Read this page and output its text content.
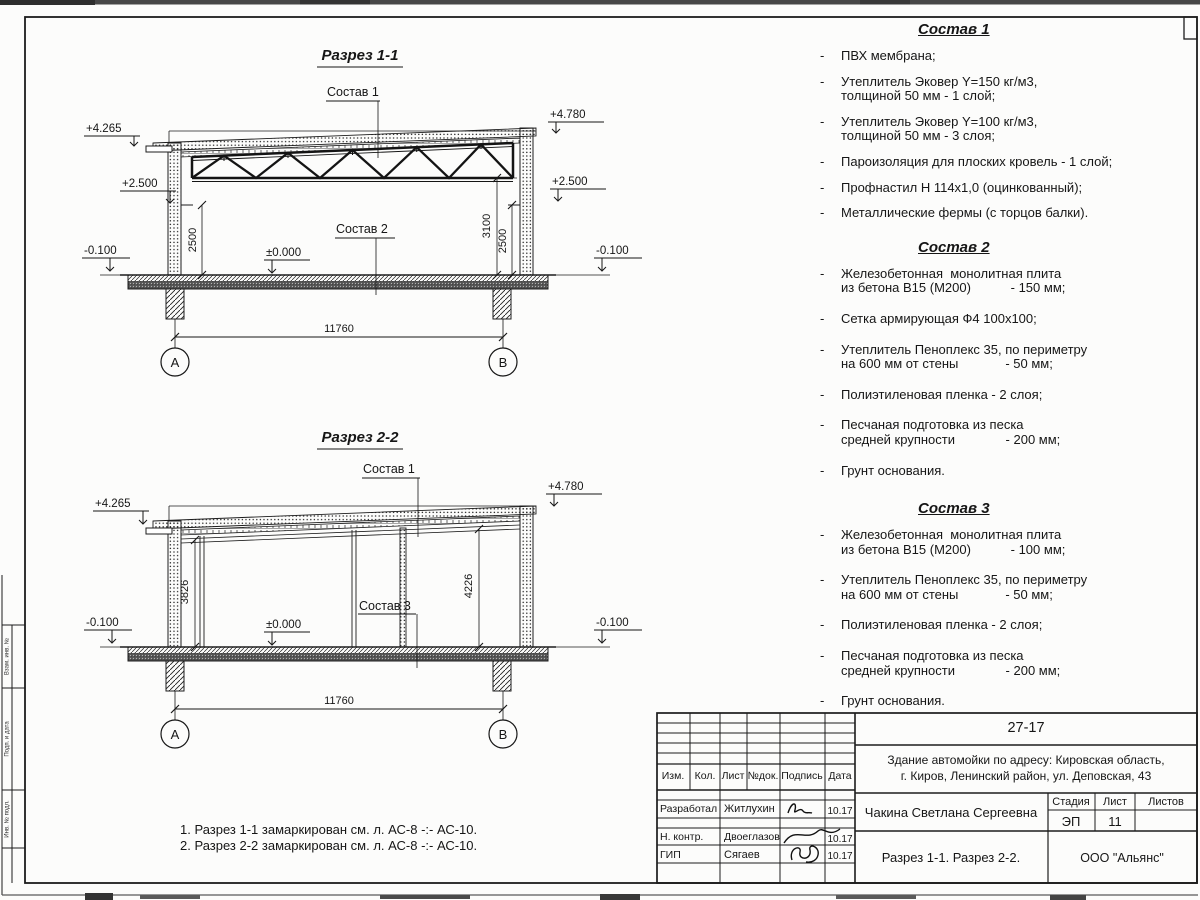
Взам. инв. №
Подп. и дата
Инв. № подл.
Разрез 1-1
Состав 1
Состав 2
+4.265
+2.500
+4.780
+2.500
-0.100	-0.100
±0.000
2500
3100
2500
11760
А	В
Разрез 2-2
Состав 1
Состав 3
+4.265
+4.780
-0.100	-0.100
±0.000
3826	4226
11760
А	В
Состав 1
-	ПВХ мембрана;
-	Утеплитель Эковер Y=150 кг/м3,
толщиной 50 мм - 1 слой;
-	Утеплитель Эковер Y=100 кг/м3,
толщиной 50 мм - 3 слоя;
-	Пароизоляция для плоских кровель - 1 слой;
-	Профнастил Н 114х1,0 (оцинкованный);
-	Металлические фермы (с торцов балки).
Состав 2
-	Железобетонная  монолитная плита
из бетона В15 (М200)           - 150 мм;
-	Сетка армирующая Ф4 100х100;
-	Утеплитель Пеноплекс 35, по периметру
на 600 мм от стены             - 50 мм;
-	Полиэтиленовая пленка - 2 слоя;
-	Песчаная подготовка из песка
средней крупности              - 200 мм;
-	Грунт основания.
Состав 3
-	Железобетонная  монолитная плита
из бетона В15 (М200)           - 100 мм;
-	Утеплитель Пеноплекс 35, по периметру
на 600 мм от стены             - 50 мм;
-	Полиэтиленовая пленка - 2 слоя;
-	Песчаная подготовка из песка
средней крупности              - 200 мм;
-	Грунт основания.
1. Разрез 1-1 замаркирован см. л. АС-8 -:- АС-10.
2. Разрез 2-2 замаркирован см. л. АС-8 -:- АС-10.
27-17
Здание автомойки по адресу: Кировская область,
г. Киров, Ленинский район, ул. Деповская, 43
Изм. Кол. Лист №док. Подпись Дата
Разработал Житлухин	10.17
Н. контр. Двоеглазов	10.17
ГИП	Сягаев	10.17
Чакина Светлана Сергеевна
Стадия Лист Листов
ЭП 11
Разрез 1-1. Разрез 2-2.	ООО "Альянс"
